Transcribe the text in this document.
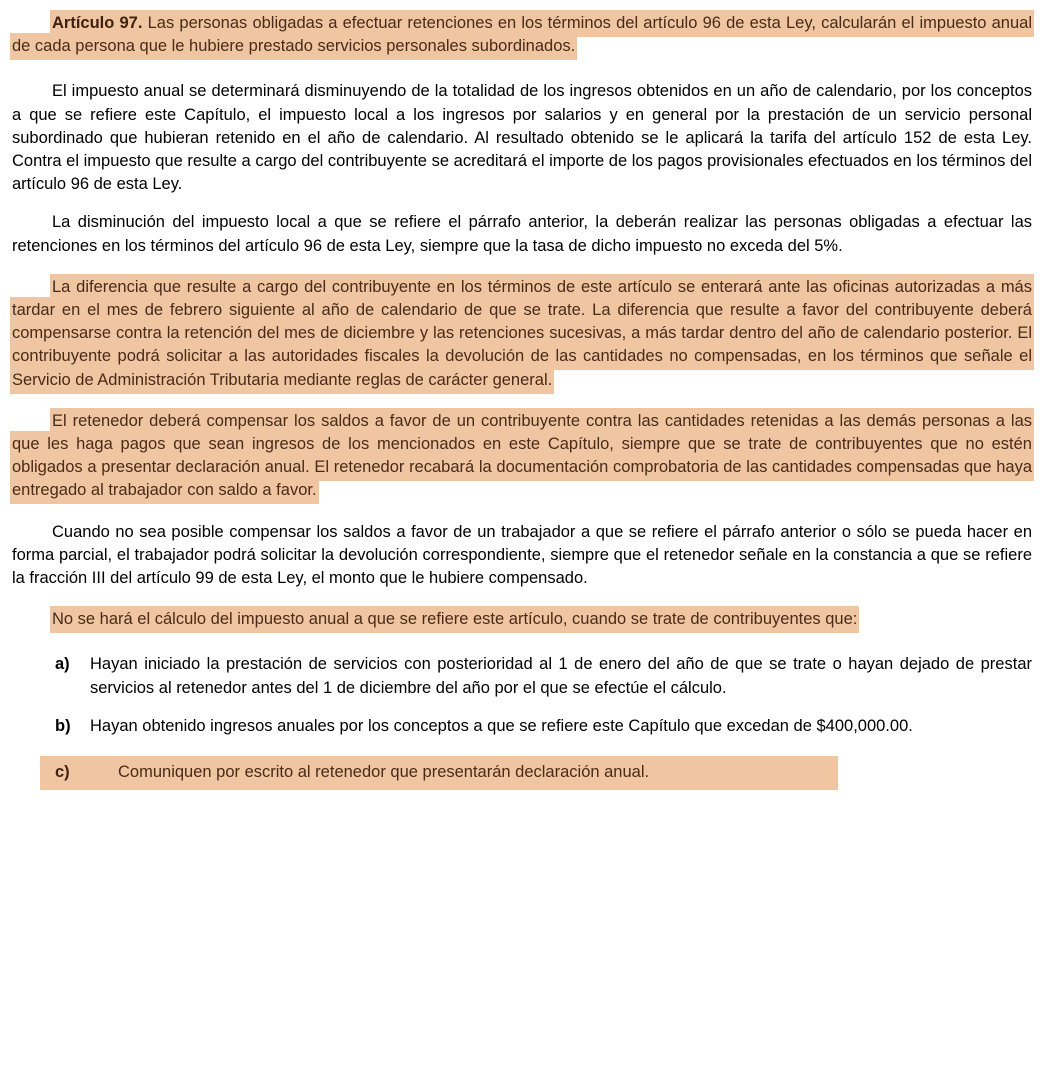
Artículo 97. Las personas obligadas a efectuar retenciones en los términos del artículo 96 de esta Ley, calcularán el impuesto anual de cada persona que le hubiere prestado servicios personales subordinados.

El impuesto anual se determinará disminuyendo de la totalidad de los ingresos obtenidos en un año de calendario, por los conceptos a que se refiere este Capítulo, el impuesto local a los ingresos por salarios y en general por la prestación de un servicio personal subordinado que hubieran retenido en el año de calendario. Al resultado obtenido se le aplicará la tarifa del artículo 152 de esta Ley. Contra el impuesto que resulte a cargo del contribuyente se acreditará el importe de los pagos provisionales efectuados en los términos del artículo 96 de esta Ley.

La disminución del impuesto local a que se refiere el párrafo anterior, la deberán realizar las personas obligadas a efectuar las retenciones en los términos del artículo 96 de esta Ley, siempre que la tasa de dicho impuesto no exceda del 5%.

La diferencia que resulte a cargo del contribuyente en los términos de este artículo se enterará ante las oficinas autorizadas a más tardar en el mes de febrero siguiente al año de calendario de que se trate. La diferencia que resulte a favor del contribuyente deberá compensarse contra la retención del mes de diciembre y las retenciones sucesivas, a más tardar dentro del año de calendario posterior. El contribuyente podrá solicitar a las autoridades fiscales la devolución de las cantidades no compensadas, en los términos que señale el Servicio de Administración Tributaria mediante reglas de carácter general.

El retenedor deberá compensar los saldos a favor de un contribuyente contra las cantidades retenidas a las demás personas a las que les haga pagos que sean ingresos de los mencionados en este Capítulo, siempre que se trate de contribuyentes que no estén obligados a presentar declaración anual. El retenedor recabará la documentación comprobatoria de las cantidades compensadas que haya entregado al trabajador con saldo a favor.

Cuando no sea posible compensar los saldos a favor de un trabajador a que se refiere el párrafo anterior o sólo se pueda hacer en forma parcial, el trabajador podrá solicitar la devolución correspondiente, siempre que el retenedor señale en la constancia a que se refiere la fracción III del artículo 99 de esta Ley, el monto que le hubiere compensado.

No se hará el cálculo del impuesto anual a que se refiere este artículo, cuando se trate de contribuyentes que:

a)	Hayan iniciado la prestación de servicios con posterioridad al 1 de enero del año de que se trate o hayan dejado de prestar servicios al retenedor antes del 1 de diciembre del año por el que se efectúe el cálculo.
b)	Hayan obtenido ingresos anuales por los conceptos a que se refiere este Capítulo que excedan de $400,000.00.
c)	Comuniquen por escrito al retenedor que presentarán declaración anual.
